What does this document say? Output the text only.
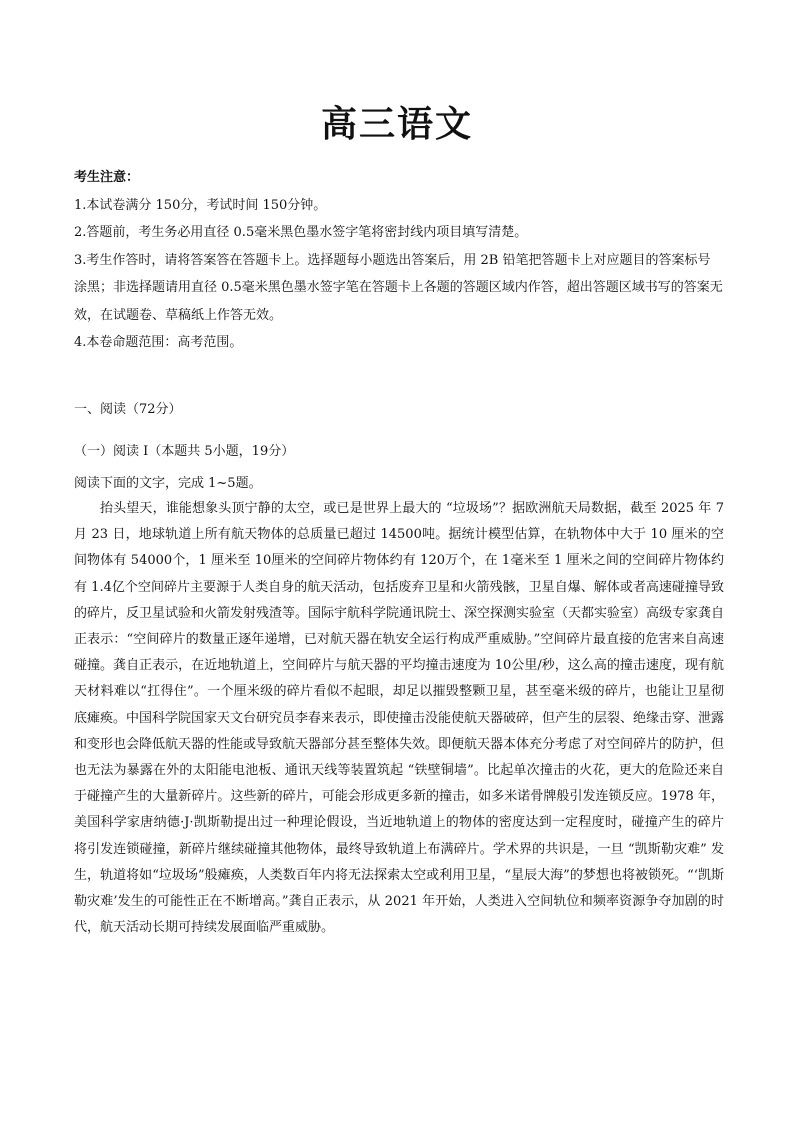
高三语文
考生注意：
1.本试卷满分 150分，考试时间 150分钟。
2.答题前，考生务必用直径 0.5毫米黑色墨水签字笔将密封线内项目填写清楚。
3.考生作答时，请将答案答在答题卡上。选择题每小题选出答案后，用 2B 铅笔把答题卡上对应题目的答案标号
涂黑；非选择题请用直径 0.5毫米黑色墨水签字笔在答题卡上各题的答题区域内作答，超出答题区域书写的答案无效，在试题卷、草稿纸上作答无效。
4.本卷命题范围：高考范围。
一、阅读（72分）
（一）阅读 I（本题共 5小题，19分）
阅读下面的文字，完成 1~5题。

抬头望天，谁能想象头顶宁静的太空，或已是世界上最大的 “垃圾场”？据欧洲航天局数据，截至 2025 年 7 月 23 日，地球轨道上所有航天物体的总质量已超过 14500吨。据统计模型估算，在轨物体中大于 10 厘米的空间物体有 54000个，1 厘米至 10厘米的空间碎片物体约有 120万个，在 1毫米至 1 厘米之间的空间碎片物体约有 1.4亿个空间碎片主要源于人类自身的航天活动，包括废弃卫星和火箭残骸，卫星自爆、解体或者高速碰撞导致的碎片，反卫星试验和火箭发射残渣等。国际宇航科学院通讯院士、深空探测实验室（天都实验室）高级专家龚自正表示：“空间碎片的数量正逐年递增，已对航天器在轨安全运行构成严重威胁。”空间碎片最直接的危害来自高速碰撞。龚自正表示，在近地轨道上，空间碎片与航天器的平均撞击速度为 10公里/秒，这么高的撞击速度，现有航天材料难以“扛得住”。一个厘米级的碎片看似不起眼，却足以摧毁整颗卫星，甚至毫米级的碎片，也能让卫星彻底瘫痪。中国科学院国家天文台研究员李春来表示，即使撞击没能使航天器破碎，但产生的层裂、绝缘击穿、泄露和变形也会降低航天器的性能或导致航天器部分甚至整体失效。即便航天器本体充分考虑了对空间碎片的防护，但也无法为暴露在外的太阳能电池板、通讯天线等装置筑起 “铁壁铜墙”。比起单次撞击的火花，更大的危险还来自于碰撞产生的大量新碎片。这些新的碎片，可能会形成更多新的撞击，如多米诺骨牌般引发连锁反应。1978 年，美国科学家唐纳德·J·凯斯勒提出过一种理论假设，当近地轨道上的物体的密度达到一定程度时，碰撞产生的碎片将引发连锁碰撞，新碎片继续碰撞其他物体，最终导致轨道上布满碎片。学术界的共识是，一旦 “凯斯勒灾难” 发生，轨道将如“垃圾场”般瘫痪，人类数百年内将无法探索太空或利用卫星，“星辰大海”的梦想也将被锁死。“‘凯斯勒灾难’发生的可能性正在不断增高。”龚自正表示，从 2021 年开始，人类进入空间轨位和频率资源争夺加剧的时代，航天活动长期可持续发展面临严重威胁。
